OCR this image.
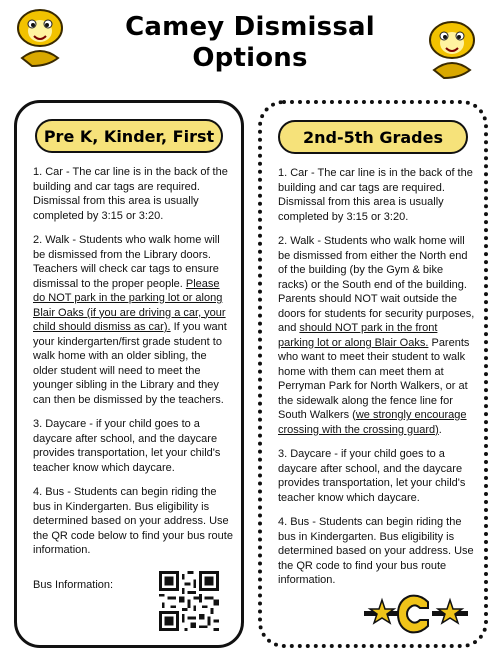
Camey Dismissal
Options
Pre K, Kinder, First

1. Car - The car line is in the back of the building and car tags are required. Dismissal from this area is usually completed by 3:15 or 3:20.

2. Walk - Students who walk home will be dismissed from the Library doors. Teachers will check car tags to ensure dismissal to the proper people. Please do NOT park in the parking lot or along Blair Oaks (if you are driving a car, your child should dismiss as car). If you want your kindergarten/first grade student to walk home with an older sibling, the older student will need to meet the younger sibling in the Library and they can then be dismissed by the teachers.

3. Daycare - if your child goes to a daycare after school, and the daycare provides transportation, let your child's teacher know which daycare.

4. Bus - Students can begin riding the bus in Kindergarten. Bus eligibility is determined based on your address. Use the QR code below to find your bus route information.

Bus Information:
2nd-5th Grades

1. Car - The car line is in the back of the building and car tags are required. Dismissal from this area is usually completed by 3:15 or 3:20.

2. Walk - Students who walk home will be dismissed from either the North end of the building (by the Gym & bike racks) or the South end of the building. Parents should NOT wait outside the doors for students for security purposes, and should NOT park in the front parking lot or along Blair Oaks. Parents who want to meet their student to walk home with them can meet them at Perryman Park for North Walkers, or at the sidewalk along the fence line for South Walkers (we strongly encourage crossing with the crossing guard).

3. Daycare - if your child goes to a daycare after school, and the daycare provides transportation, let your child's teacher know which daycare.

4. Bus - Students can begin riding the bus in Kindergarten. Bus eligibility is determined based on your address. Use the QR code to find your bus route information.
